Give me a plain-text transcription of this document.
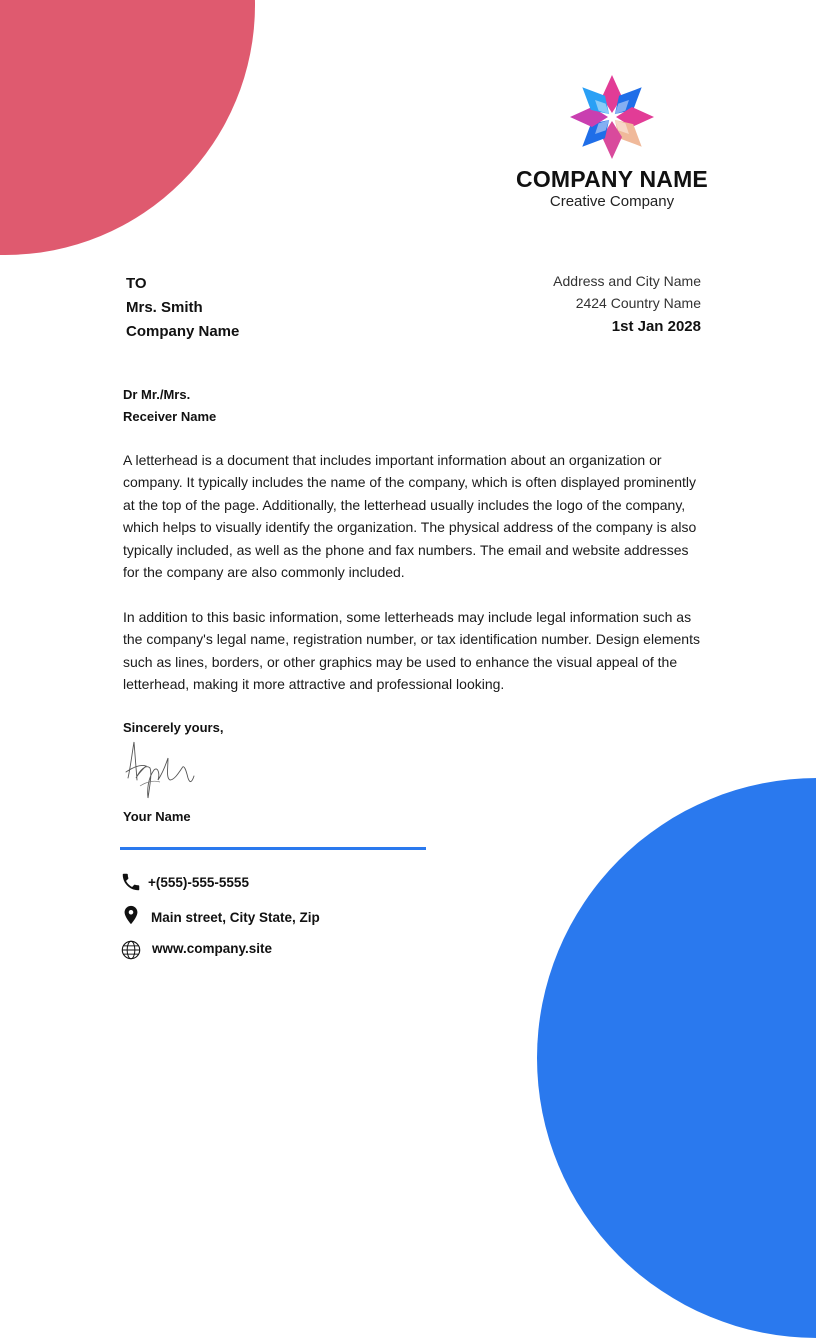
COMPANY NAME
Creative Company
TO
Mrs. Smith
Company Name
Address and City Name
2424 Country Name
1st Jan 2028
Dr Mr./Mrs.
Receiver Name

A letterhead is a document that includes important information about an organization or company. It typically includes the name of the company, which is often displayed prominently at the top of the page. Additionally, the letterhead usually includes the logo of the company, which helps to visually identify the organization. The physical address of the company is also typically included, as well as the phone and fax numbers. The email and website addresses for the company are also commonly included.

In addition to this basic information, some letterheads may include legal information such as the company's legal name, registration number, or tax identification number. Design elements such as lines, borders, or other graphics may be used to enhance the visual appeal of the letterhead, making it more attractive and professional looking.

Sincerely yours,
Your Name
+(555)-555-5555
Main street, City State, Zip
www.company.site
